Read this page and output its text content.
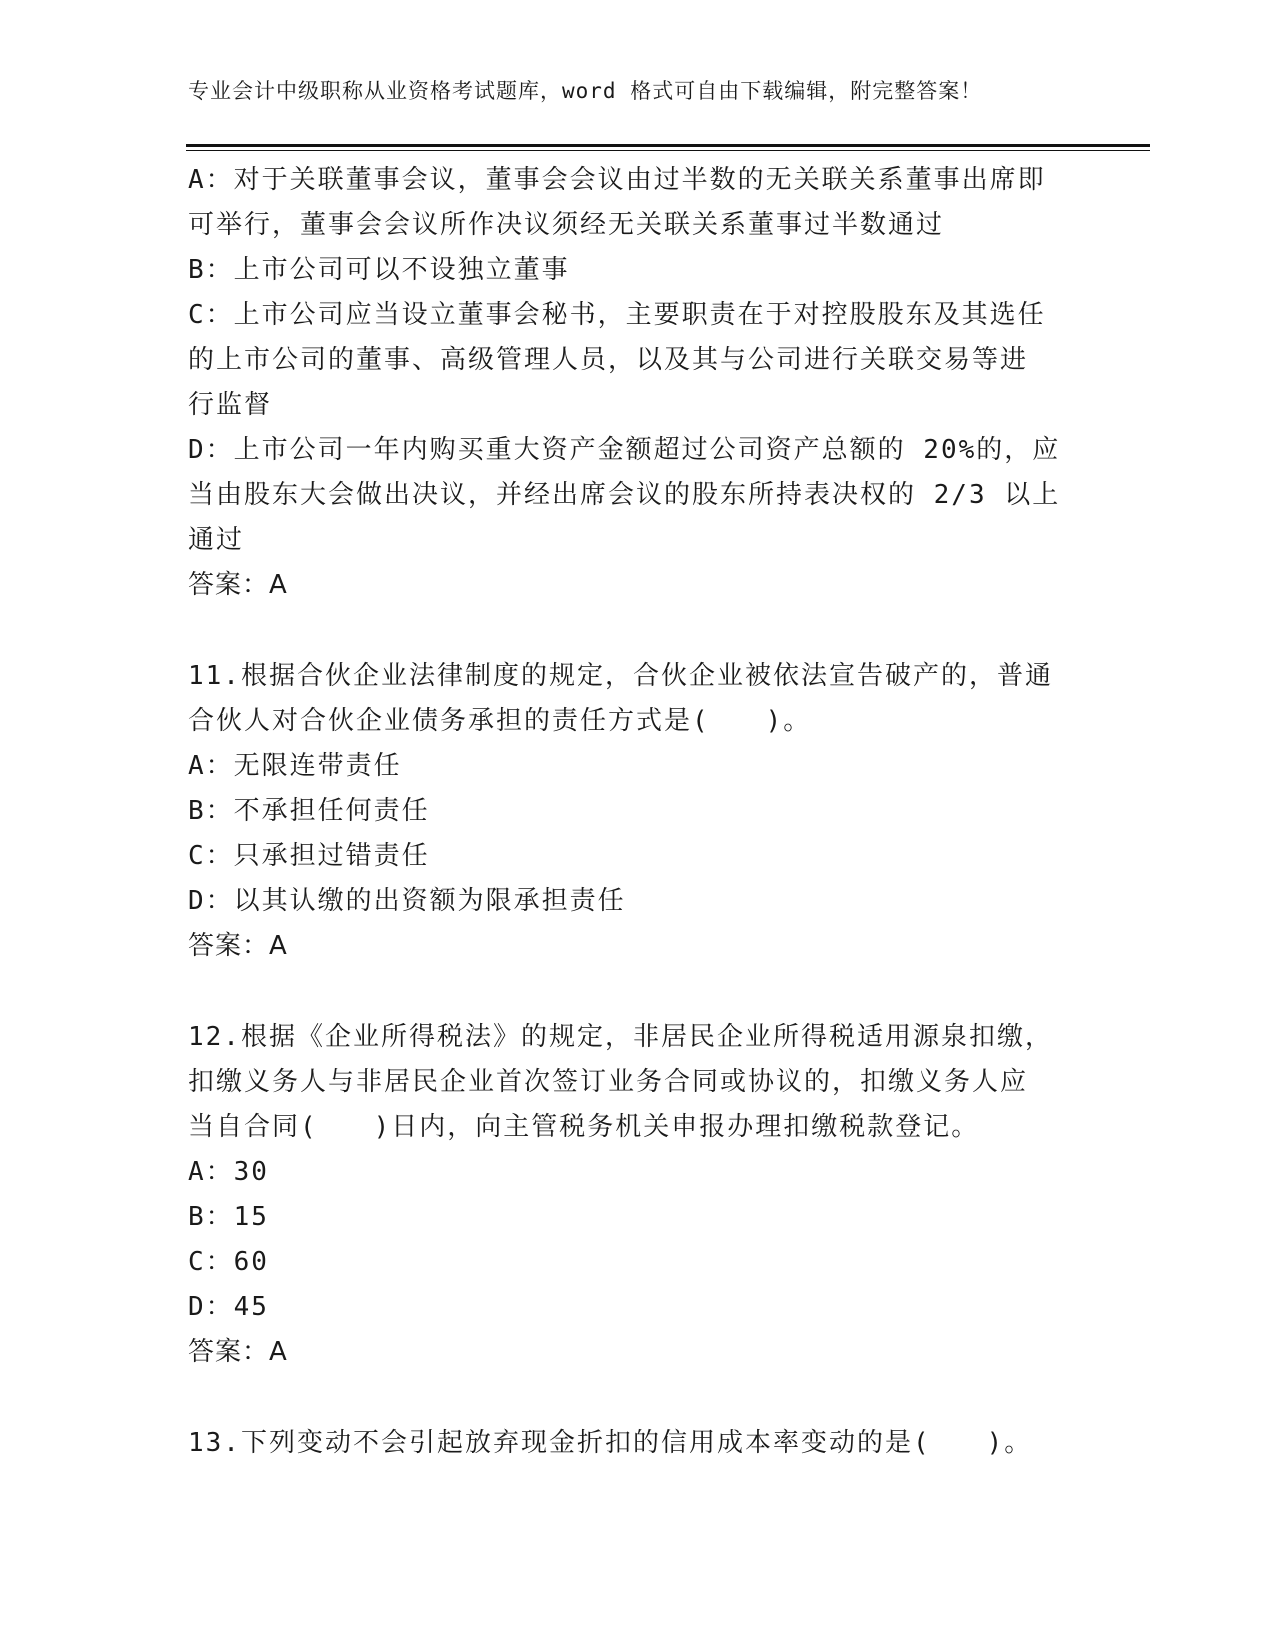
专业会计中级职称从业资格考试题库，word 格式可自由下载编辑，附完整答案！
A：对于关联董事会议，董事会会议由过半数的无关联关系董事出席即
可举行，董事会会议所作决议须经无关联关系董事过半数通过
B：上市公司可以不设独立董事
C：上市公司应当设立董事会秘书，主要职责在于对控股股东及其选任
的上市公司的董事、高级管理人员，以及其与公司进行关联交易等进
行监督
D：上市公司一年内购买重大资产金额超过公司资产总额的 20%的，应
当由股东大会做出决议，并经出席会议的股东所持表决权的 2/3 以上
通过
答案：A
11.根据合伙企业法律制度的规定，合伙企业被依法宣告破产的，普通
合伙人对合伙企业债务承担的责任方式是(　　)。
A：无限连带责任
B：不承担任何责任
C：只承担过错责任
D：以其认缴的出资额为限承担责任
答案：A
12.根据《企业所得税法》的规定，非居民企业所得税适用源泉扣缴，
扣缴义务人与非居民企业首次签订业务合同或协议的，扣缴义务人应
当自合同(　　)日内，向主管税务机关申报办理扣缴税款登记。
A：30
B：15
C：60
D：45
答案：A
13.下列变动不会引起放弃现金折扣的信用成本率变动的是(　　)。
